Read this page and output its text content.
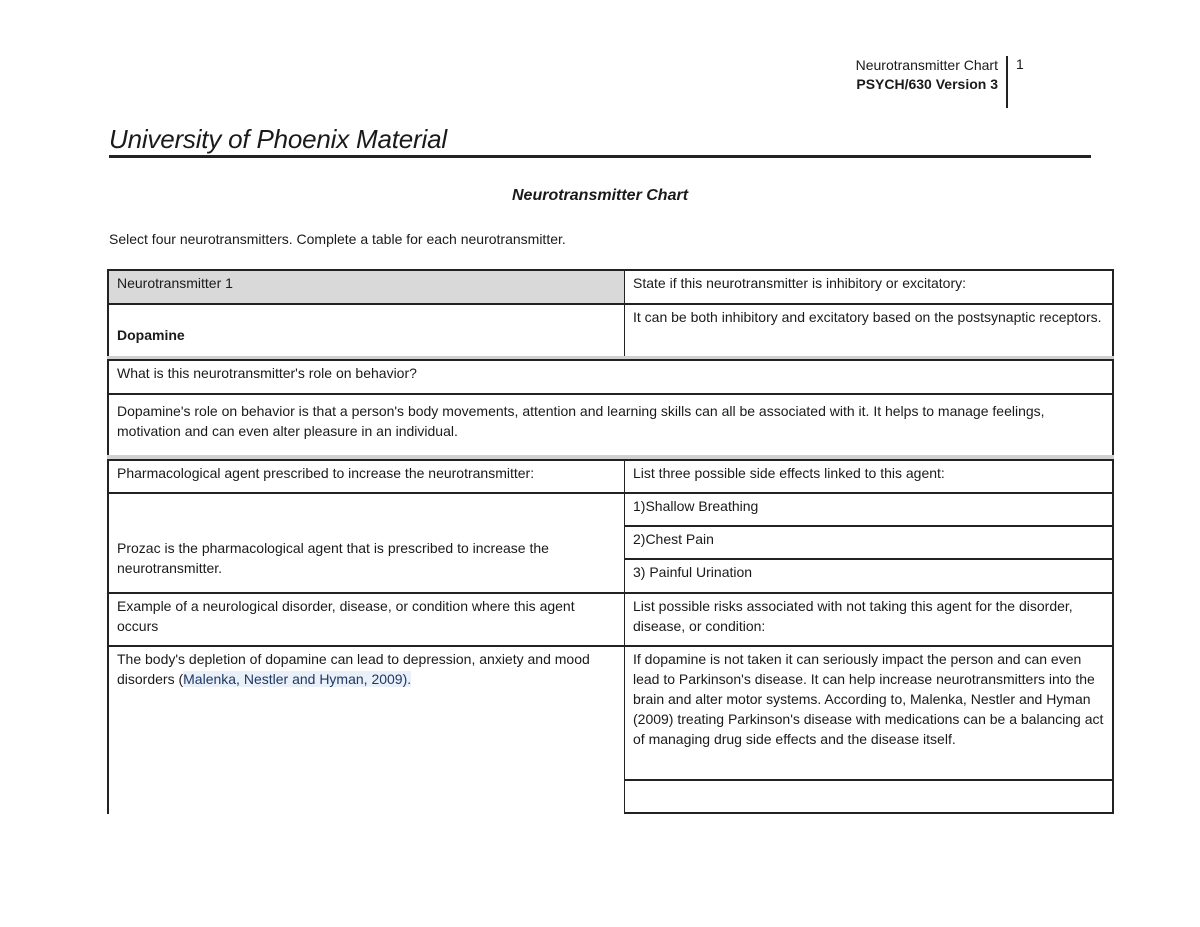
Neurotransmitter Chart
PSYCH/630 Version 3
1
University of Phoenix Material
Neurotransmitter Chart
Select four neurotransmitters. Complete a table for each neurotransmitter.
Neurotransmitter 1	State if this neurotransmitter is inhibitory or excitatory:
Dopamine
It can be both inhibitory and excitatory based on the postsynaptic receptors.
What is this neurotransmitter's role on behavior?
Dopamine's role on behavior is that a person's body movements, attention and learning skills can all be associated with it. It helps to manage feelings, motivation and can even alter pleasure in an individual.
Pharmacological agent prescribed to increase the neurotransmitter:	List three possible side effects linked to this agent:
Prozac is the pharmacological agent that is prescribed to increase the neurotransmitter.
1)Shallow Breathing
2)Chest Pain
3) Painful Urination
Example of a neurological disorder, disease, or condition where this agent occurs
List possible risks associated with not taking this agent for the disorder, disease, or condition:
The body's depletion of dopamine can lead to depression, anxiety and mood disorders (Malenka, Nestler and Hyman, 2009).
If dopamine is not taken it can seriously impact the person and can even lead to Parkinson's disease. It can help increase neurotransmitters into the brain and alter motor systems. According to, Malenka, Nestler and Hyman (2009) treating Parkinson's disease with medications can be a balancing act of managing drug side effects and the disease itself.
